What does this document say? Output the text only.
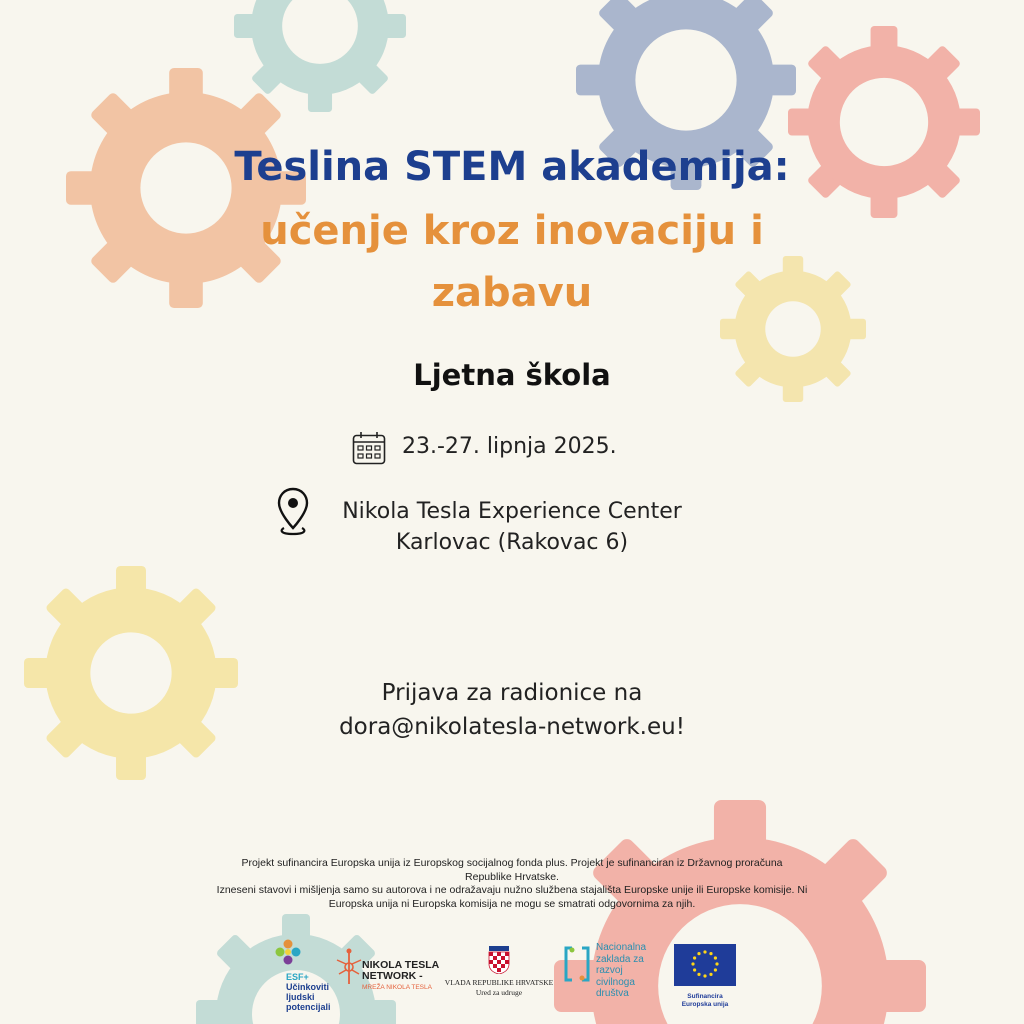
Teslina STEM akademija:
učenje kroz inovaciju i
zabavu
Ljetna škola
23.-27. lipnja 2025.
Nikola Tesla Experience Center
Karlovac (Rakovac 6)
Prijava za radionice na
dora@nikolatesla-network.eu!
Projekt sufinancira Europska unija iz Europskog socijalnog fonda plus. Projekt je sufinanciran iz Državnog proračuna
Republike Hrvatske.
Izneseni stavovi i mišljenja samo su autorova i ne odražavaju nužno službena stajališta Europske unije ili Europske komisije. Ni
Europska unija ni Europska komisija ne mogu se smatrati odgovornima za njih.
ESF+
Učinkoviti
ljudski
potencijali
NIKOLA TESLA
NETWORK -
MREŽA NIKOLA TESLA
VLADA REPUBLIKE HRVATSKE
Ured za udruge
Nacionalna
zaklada za
razvoj
civilnoga
društva	Sufinancira
Europska unija
